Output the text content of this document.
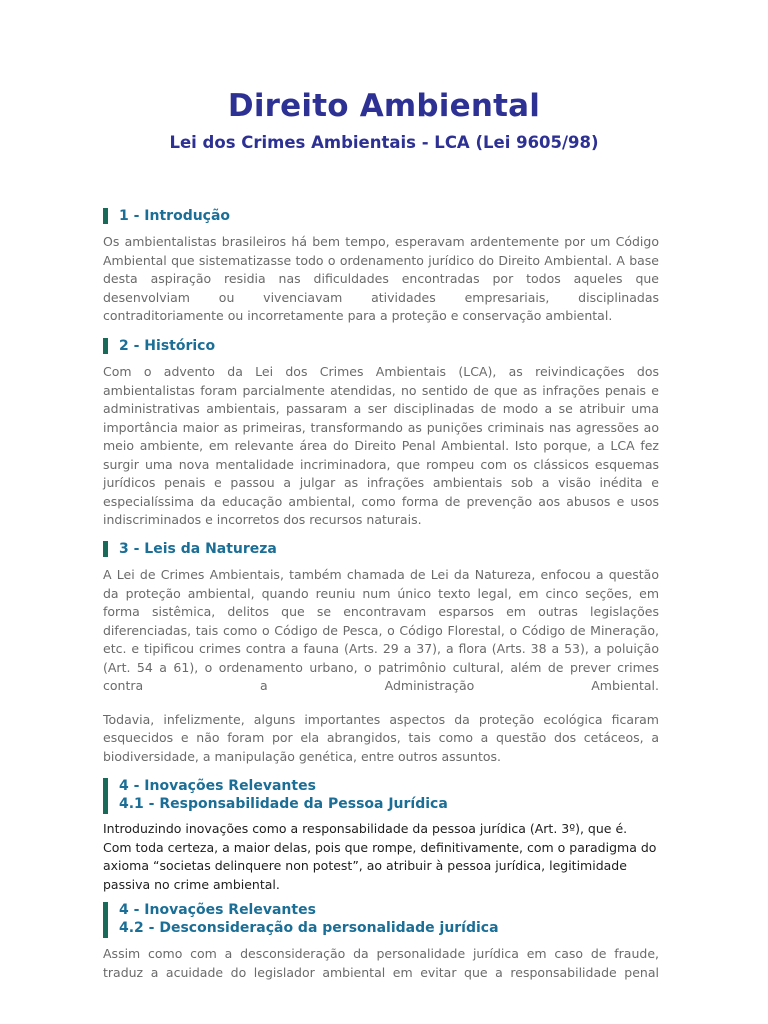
Direito Ambiental
Lei dos Crimes Ambientais - LCA (Lei 9605/98)
1 - Introdução

Os ambientalistas brasileiros há bem tempo, esperavam ardentemente por um Código Ambiental que sistematizasse todo o ordenamento jurídico do Direito Ambiental. A base desta aspiração residia nas dificuldades encontradas por todos aqueles que desenvolviam ou vivenciavam atividades empresariais, disciplinadas contraditoriamente ou incorretamente para a proteção e conservação ambiental.

2 - Histórico

Com o advento da Lei dos Crimes Ambientais (LCA), as reivindicações dos ambientalistas foram parcialmente atendidas, no sentido de que as infrações penais e administrativas ambientais, passaram a ser disciplinadas de modo a se atribuir uma importância maior as primeiras, transformando as punições criminais nas agressões ao meio ambiente, em relevante área do Direito Penal Ambiental. Isto porque, a LCA fez surgir uma nova mentalidade incriminadora, que rompeu com os clássicos esquemas jurídicos penais e passou a julgar as infrações ambientais sob a visão inédita e especialíssima da educação ambiental, como forma de prevenção aos abusos e usos indiscriminados e incorretos dos recursos naturais.

3 - Leis da Natureza

A Lei de Crimes Ambientais, também chamada de Lei da Natureza, enfocou a questão da proteção ambiental, quando reuniu num único texto legal, em cinco seções, em forma sistêmica, delitos que se encontravam esparsos em outras legislações diferenciadas, tais como o Código de Pesca, o Código Florestal, o Código de Mineração, etc. e tipificou crimes contra a fauna (Arts. 29 a 37), a flora (Arts. 38 a 53), a poluição (Art. 54 a 61), o ordenamento urbano, o patrimônio cultural, além de prever crimes contra a Administração Ambiental.

Todavia, infelizmente, alguns importantes aspectos da proteção ecológica ficaram esquecidos e não foram por ela abrangidos, tais como a questão dos cetáceos, a biodiversidade, a manipulação genética, entre outros assuntos.

4 - Inovações Relevantes
4.1 - Responsabilidade da Pessoa Jurídica

Introduzindo inovações como a responsabilidade da pessoa jurídica (Art. 3º), que é. Com toda certeza, a maior delas, pois que rompe, definitivamente, com o paradigma do axioma “societas delinquere non potest”, ao atribuir à pessoa jurídica, legitimidade passiva no crime ambiental.

4 - Inovações Relevantes
4.2 - Desconsideração da personalidade jurídica

Assim como com a desconsideração da personalidade jurídica em caso de fraude, traduz a acuidade do legislador ambiental em evitar que a responsabilidade penal
